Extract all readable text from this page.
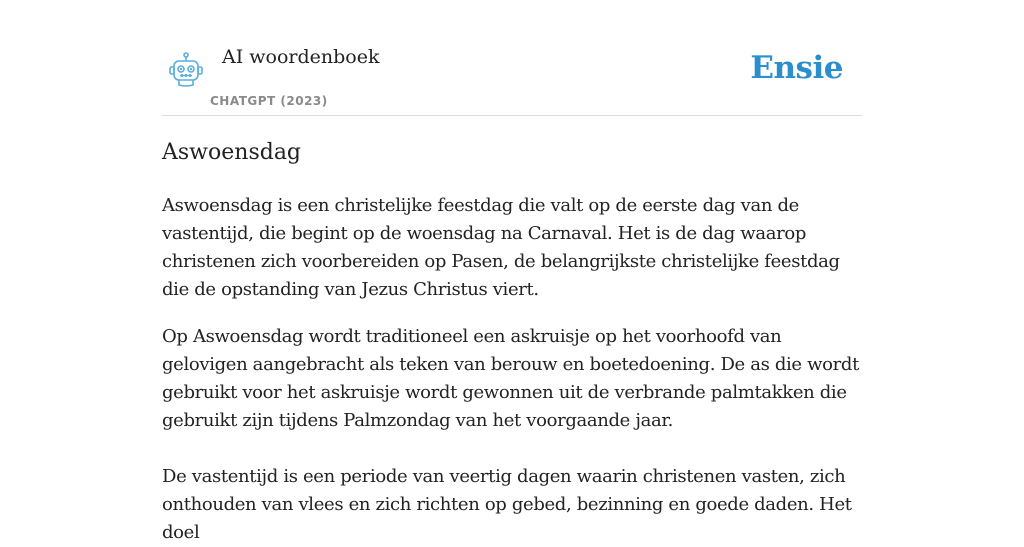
AI woordenboek
CHATGPT (2023)
Ensie
Aswoensdag

Aswoensdag is een christelijke feestdag die valt op de eerste dag van de vastentijd, die begint op de woensdag na Carnaval. Het is de dag waarop christenen zich voorbereiden op Pasen, de belangrijkste christelijke feestdag die de opstanding van Jezus Christus viert.

Op Aswoensdag wordt traditioneel een askruisje op het voorhoofd van gelovigen aangebracht als teken van berouw en boetedoening. De as die wordt gebruikt voor het askruisje wordt gewonnen uit de verbrande palmtakken die gebruikt zijn tijdens Palmzondag van het voorgaande jaar.

De vastentijd is een periode van veertig dagen waarin christenen vasten, zich onthouden van vlees en zich richten op gebed, bezinning en goede daden. Het doel
